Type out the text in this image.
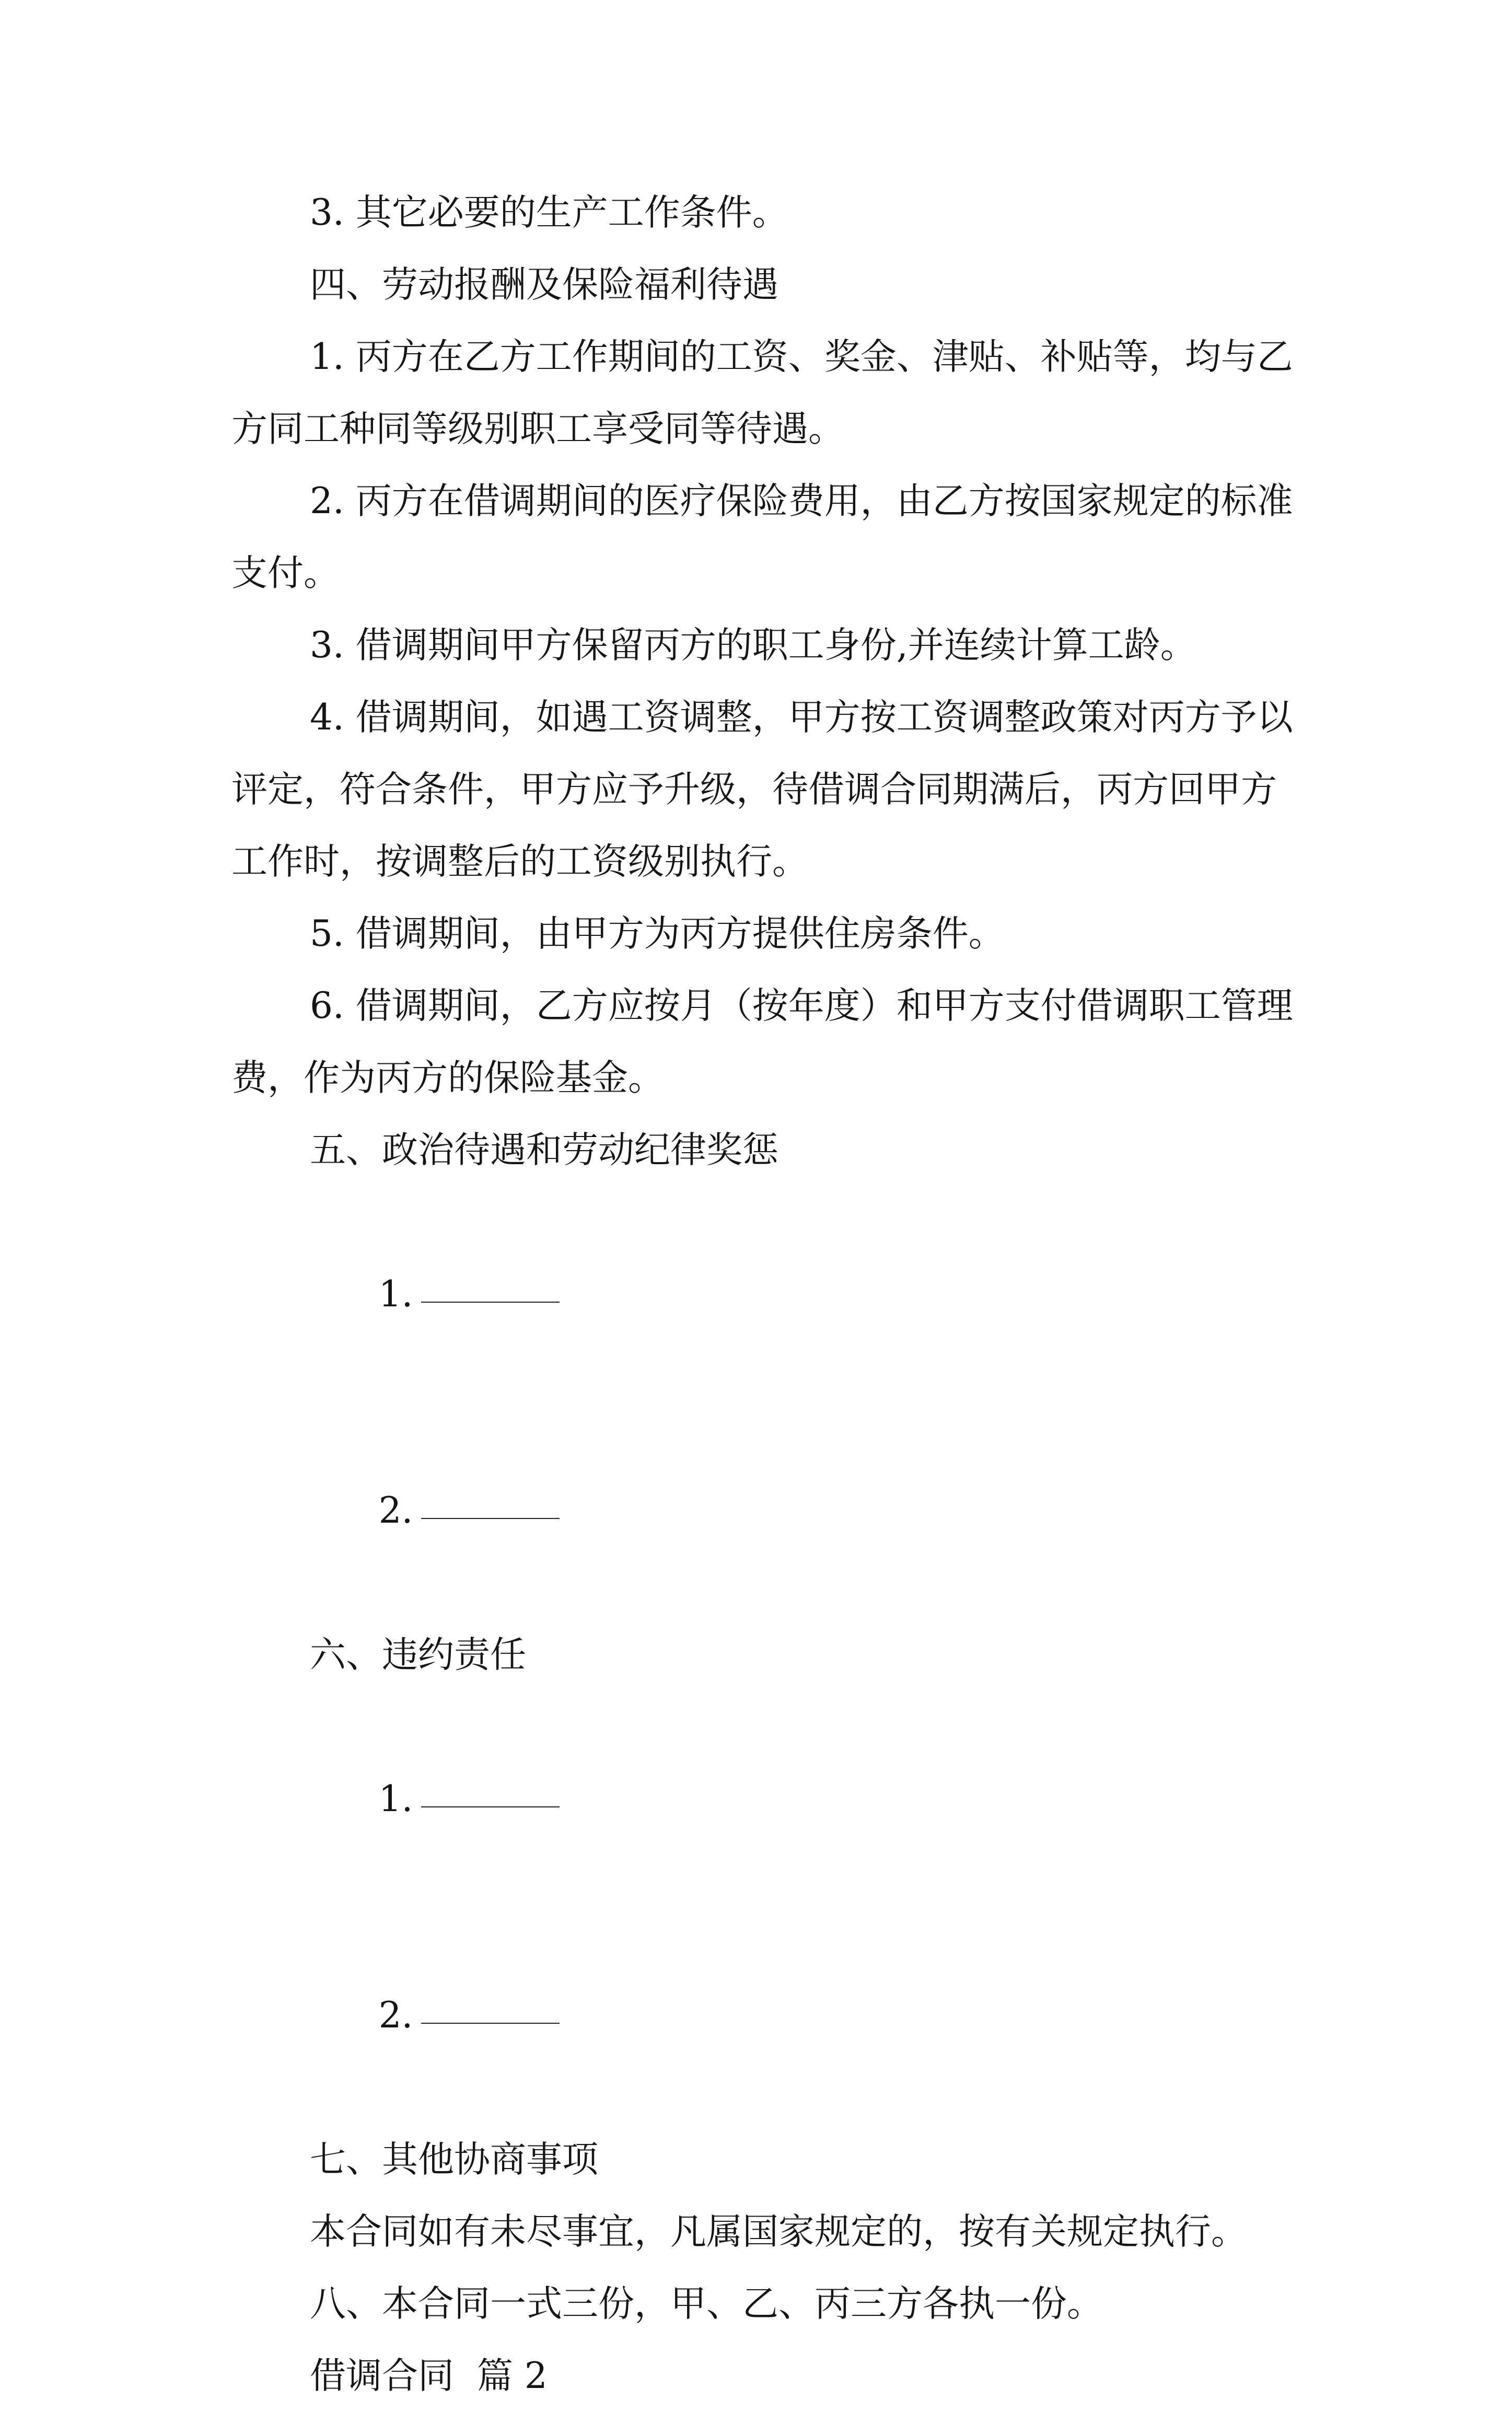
3. 其它必要的生产工作条件。

四、劳动报酬及保险福利待遇

1. 丙方在乙方工作期间的工资、奖金、津贴、补贴等，均与乙方同工种同等级别职工享受同等待遇。

2. 丙方在借调期间的医疗保险费用，由乙方按国家规定的标准支付。

3. 借调期间甲方保留丙方的职工身份,并连续计算工龄。

4. 借调期间，如遇工资调整，甲方按工资调整政策对丙方予以评定，符合条件，甲方应予升级，待借调合同期满后，丙方回甲方工作时，按调整后的工资级别执行。

5. 借调期间，由甲方为丙方提供住房条件。

6. 借调期间，乙方应按月（按年度）和甲方支付借调职工管理费，作为丙方的保险基金。

五、政治待遇和劳动纪律奖惩

1.

2.

六、违约责任

1.

2.

七、其他协商事项

本合同如有未尽事宜，凡属国家规定的，按有关规定执行。

八、本合同一式三份，甲、乙、丙三方各执一份。

借调合同  篇 2
